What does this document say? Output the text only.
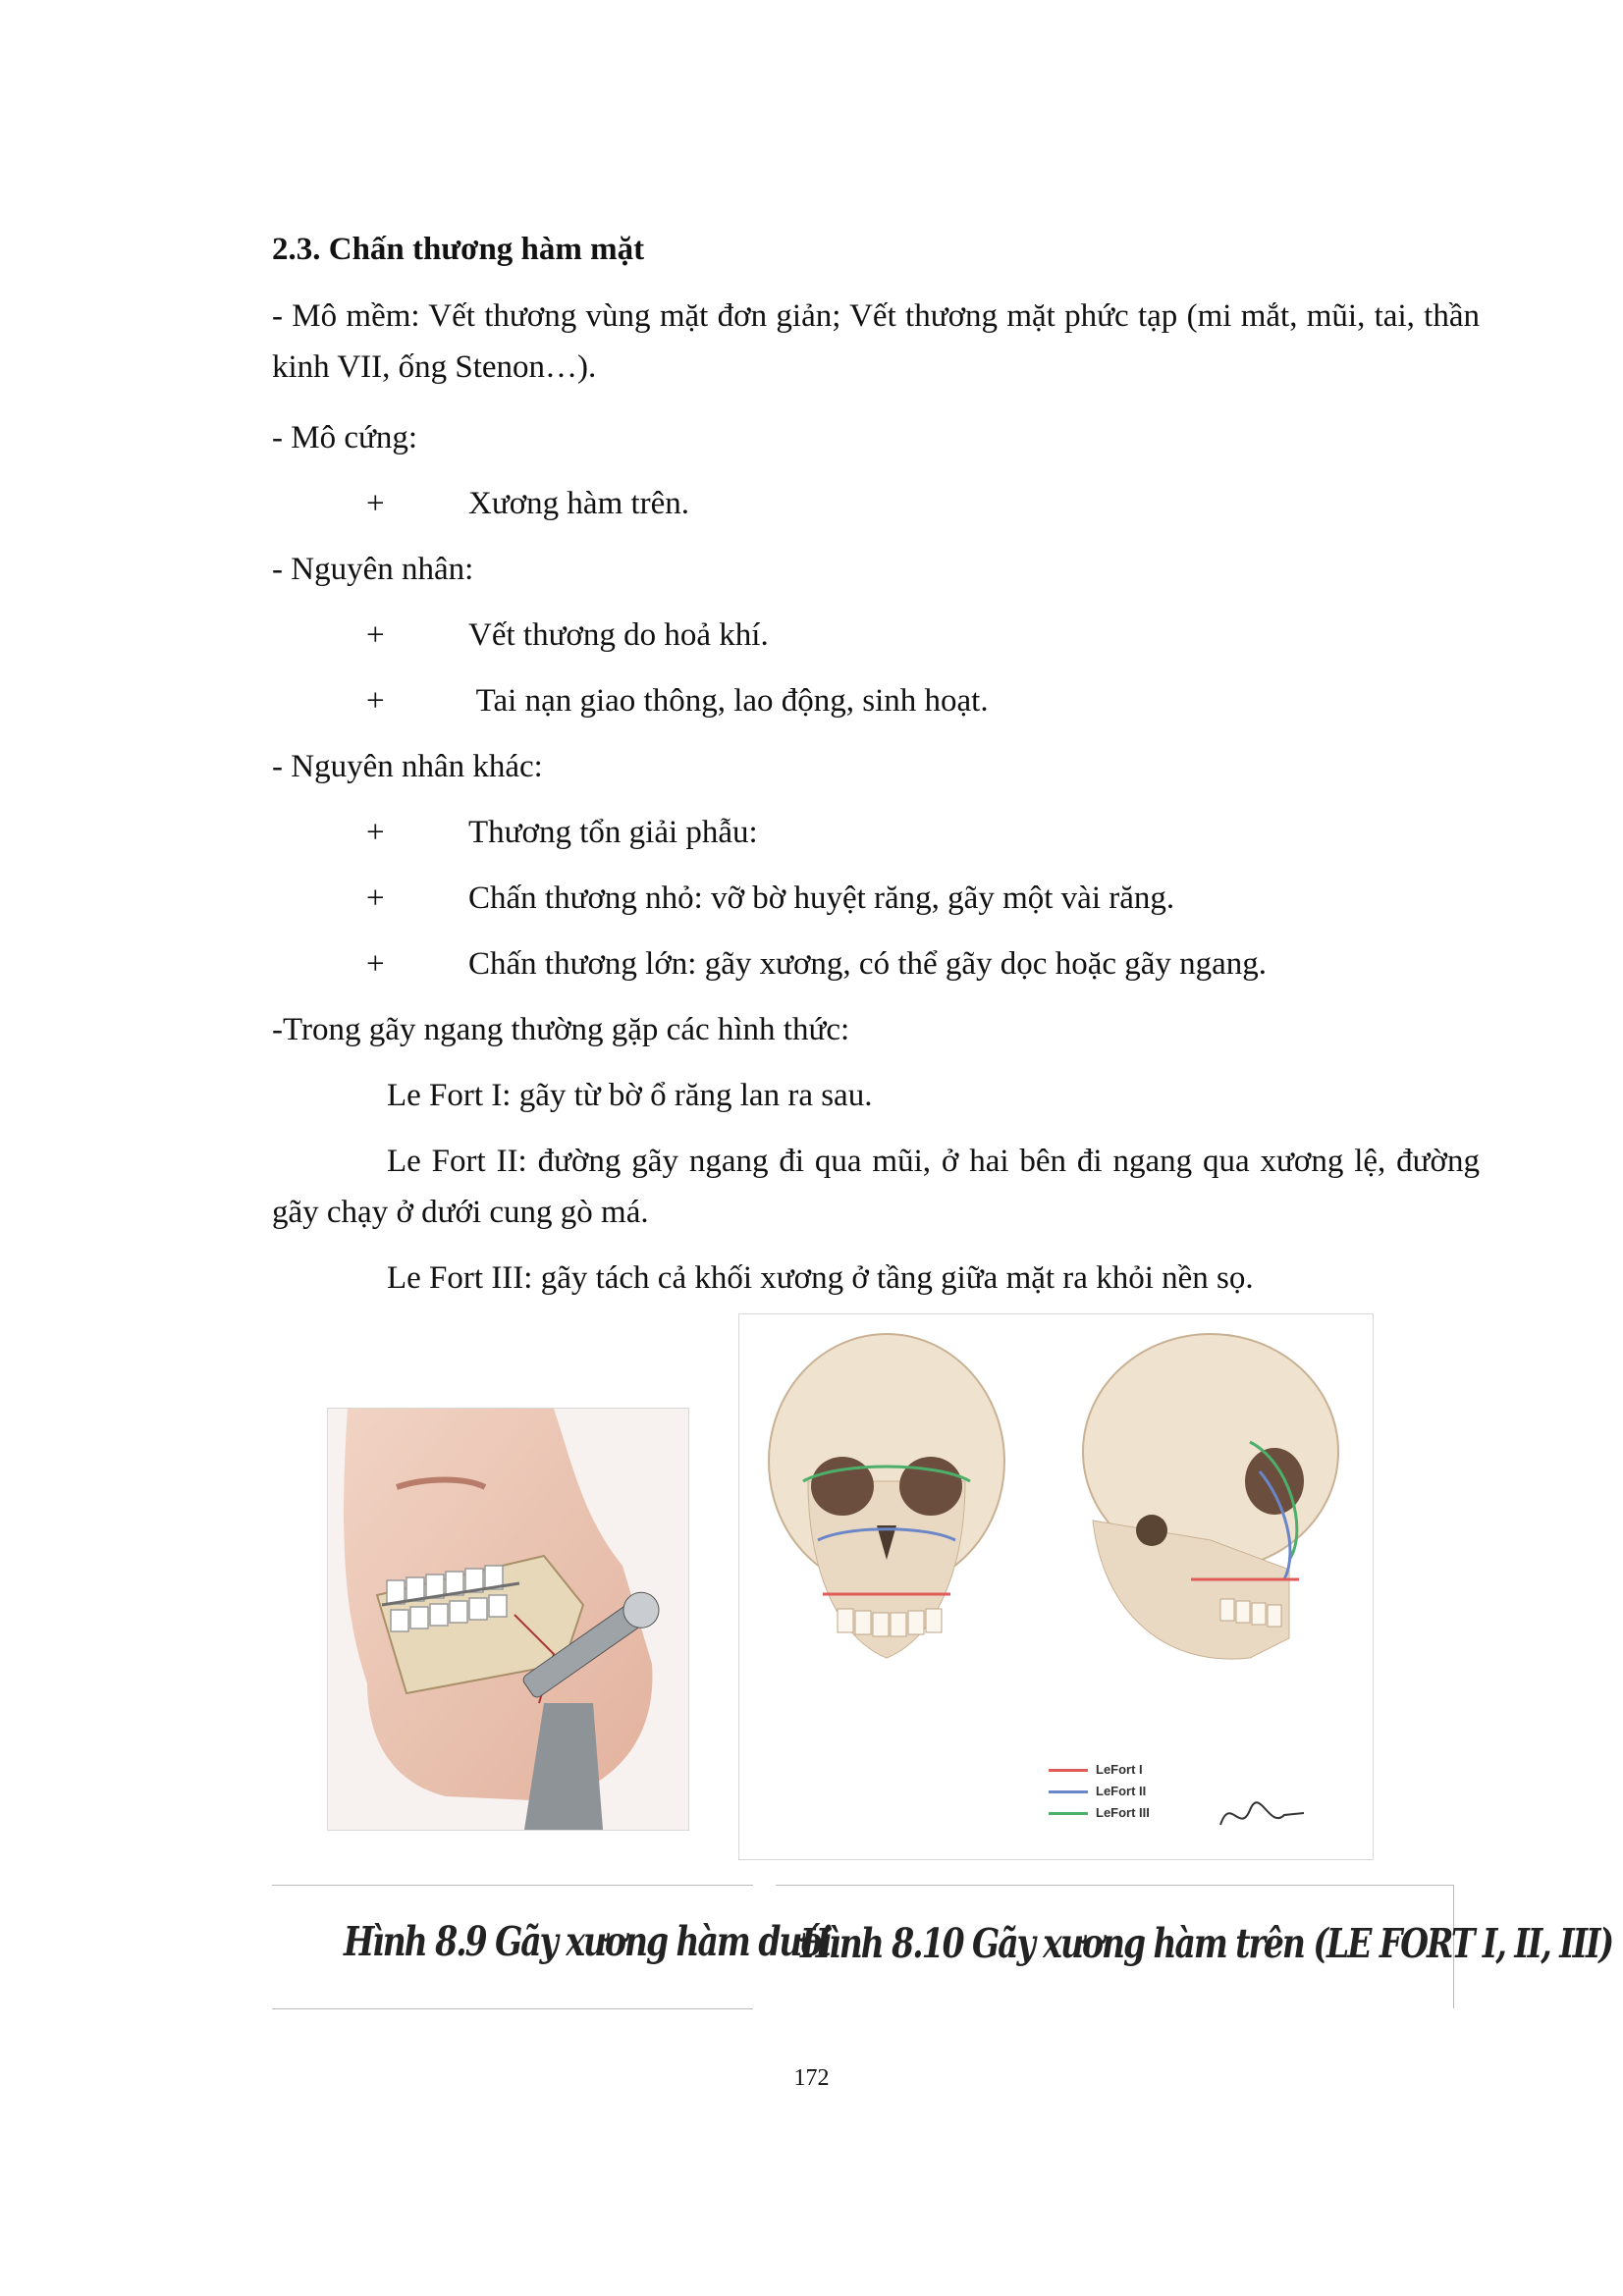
2.3. Chấn thương hàm mặt
- Mô mềm: Vết thương vùng mặt đơn giản; Vết thương mặt phức tạp (mi mắt, mũi, tai, thần kinh VII, ống Stenon…).
- Mô cứng:
+	Xương hàm trên.
- Nguyên nhân:
+	Vết thương do hoả khí.
+	Tai nạn giao thông, lao động, sinh hoạt.
- Nguyên nhân khác:
+	Thương tổn giải phẫu:
+	Chấn thương nhỏ: vỡ bờ huyệt răng, gãy một vài răng.
+	Chấn thương lớn: gãy xương, có thể gãy dọc hoặc gãy ngang.
-Trong gãy ngang thường gặp các hình thức:
Le Fort I: gãy từ bờ ổ răng lan ra sau.
Le Fort II: đường gãy ngang đi qua mũi, ở hai bên đi ngang qua xương lệ, đường gãy chạy ở dưới cung gò má.
Le Fort III: gãy tách cả khối xương ở tầng giữa mặt ra khỏi nền sọ.
LeFort I
LeFort II
LeFort III
Hình 8.9 Gãy xương hàm dưới
Hình 8.10 Gãy xương hàm trên (LE FORT I, II, III)
172
